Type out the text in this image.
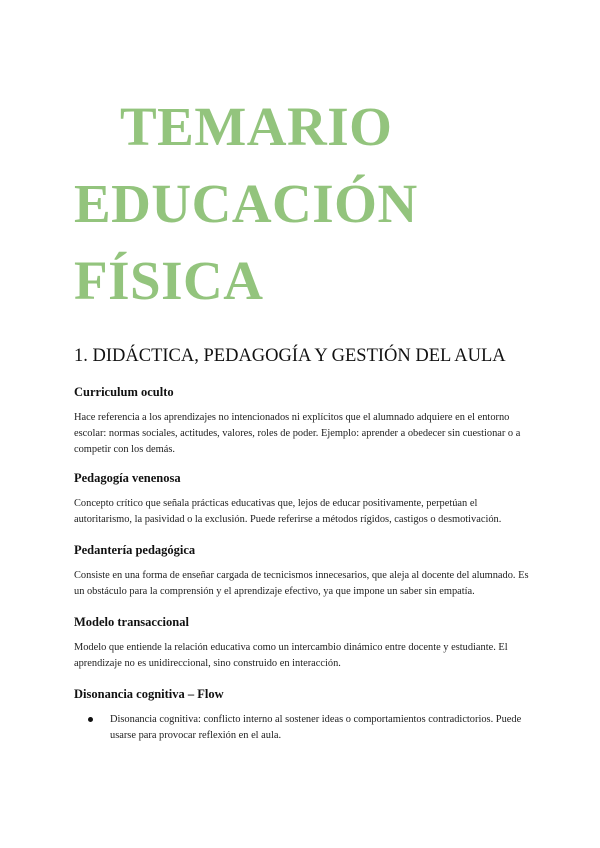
TEMARIO
EDUCACIÓN
FÍSICA
1. DIDÁCTICA, PEDAGOGÍA Y GESTIÓN DEL AULA
Curriculum oculto

Hace referencia a los aprendizajes no intencionados ni explícitos que el alumnado adquiere en el entorno escolar: normas sociales, actitudes, valores, roles de poder. Ejemplo: aprender a obedecer sin cuestionar o a competir con los demás.

Pedagogía venenosa

Concepto crítico que señala prácticas educativas que, lejos de educar positivamente, perpetúan el autoritarismo, la pasividad o la exclusión. Puede referirse a métodos rígidos, castigos o desmotivación.

Pedantería pedagógica

Consiste en una forma de enseñar cargada de tecnicismos innecesarios, que aleja al docente del alumnado. Es un obstáculo para la comprensión y el aprendizaje efectivo, ya que impone un saber sin empatía.

Modelo transaccional

Modelo que entiende la relación educativa como un intercambio dinámico entre docente y estudiante. El aprendizaje no es unidireccional, sino construido en interacción.

Disonancia cognitiva – Flow
Disonancia cognitiva: conflicto interno al sostener ideas o comportamientos contradictorios. Puede usarse para provocar reflexión en el aula.
